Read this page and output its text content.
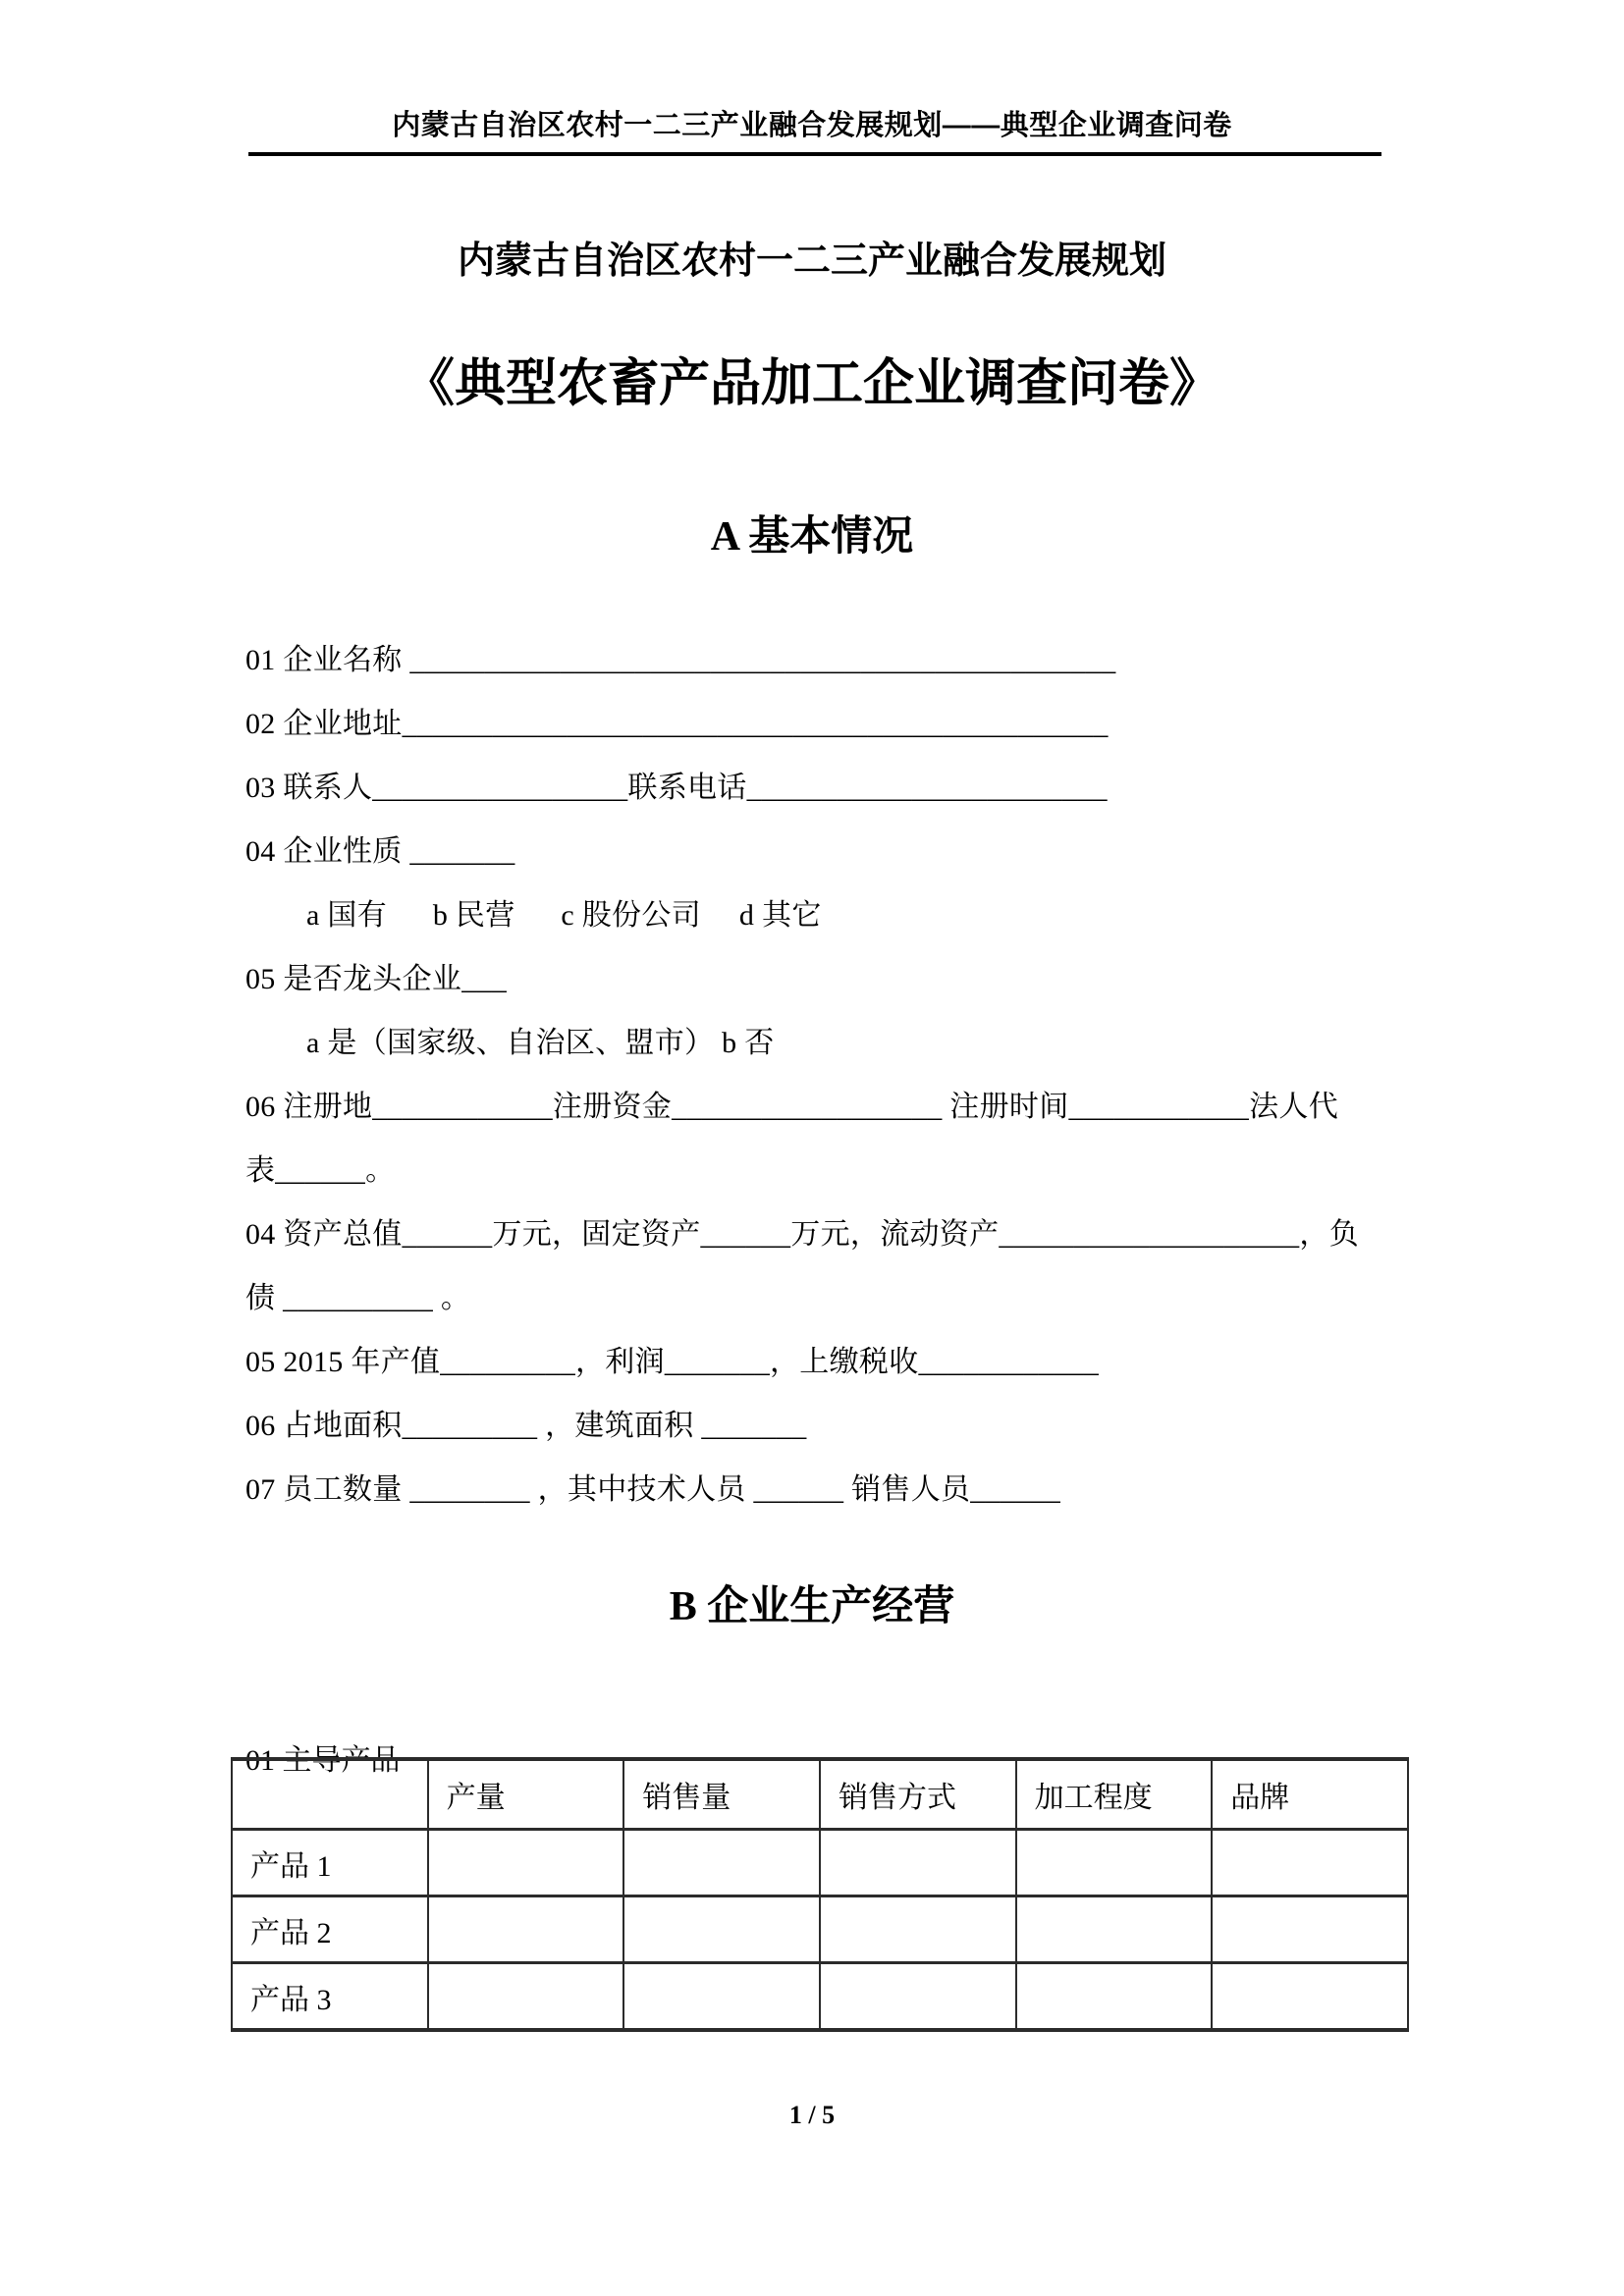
内蒙古自治区农村一二三产业融合发展规划——典型企业调查问卷
内蒙古自治区农村一二三产业融合发展规划
《典型农畜产品加工企业调查问卷》
A 基本情况

01 企业名称 _______________________________________________

02 企业地址_______________________________________________

03 联系人_________________联系电话________________________

04 企业性质 _______

a 国有      b 民营      c 股份公司     d 其它

05 是否龙头企业___

a 是（国家级、自治区、盟市） b 否

06 注册地____________注册资金__________________ 注册时间____________法人代

表______。

04 资产总值______万元，固定资产______万元，流动资产____________________，负

债 __________ 。

05 2015 年产值_________，利润_______，上缴税收____________

06 占地面积_________ ，建筑面积 _______

07 员工数量 ________ ，其中技术人员 ______ 销售人员______

B 企业生产经营

01 主导产品

	产量	销售量	销售方式	加工程度	品牌
产品 1					
产品 2					
产品 3					
1 / 5
